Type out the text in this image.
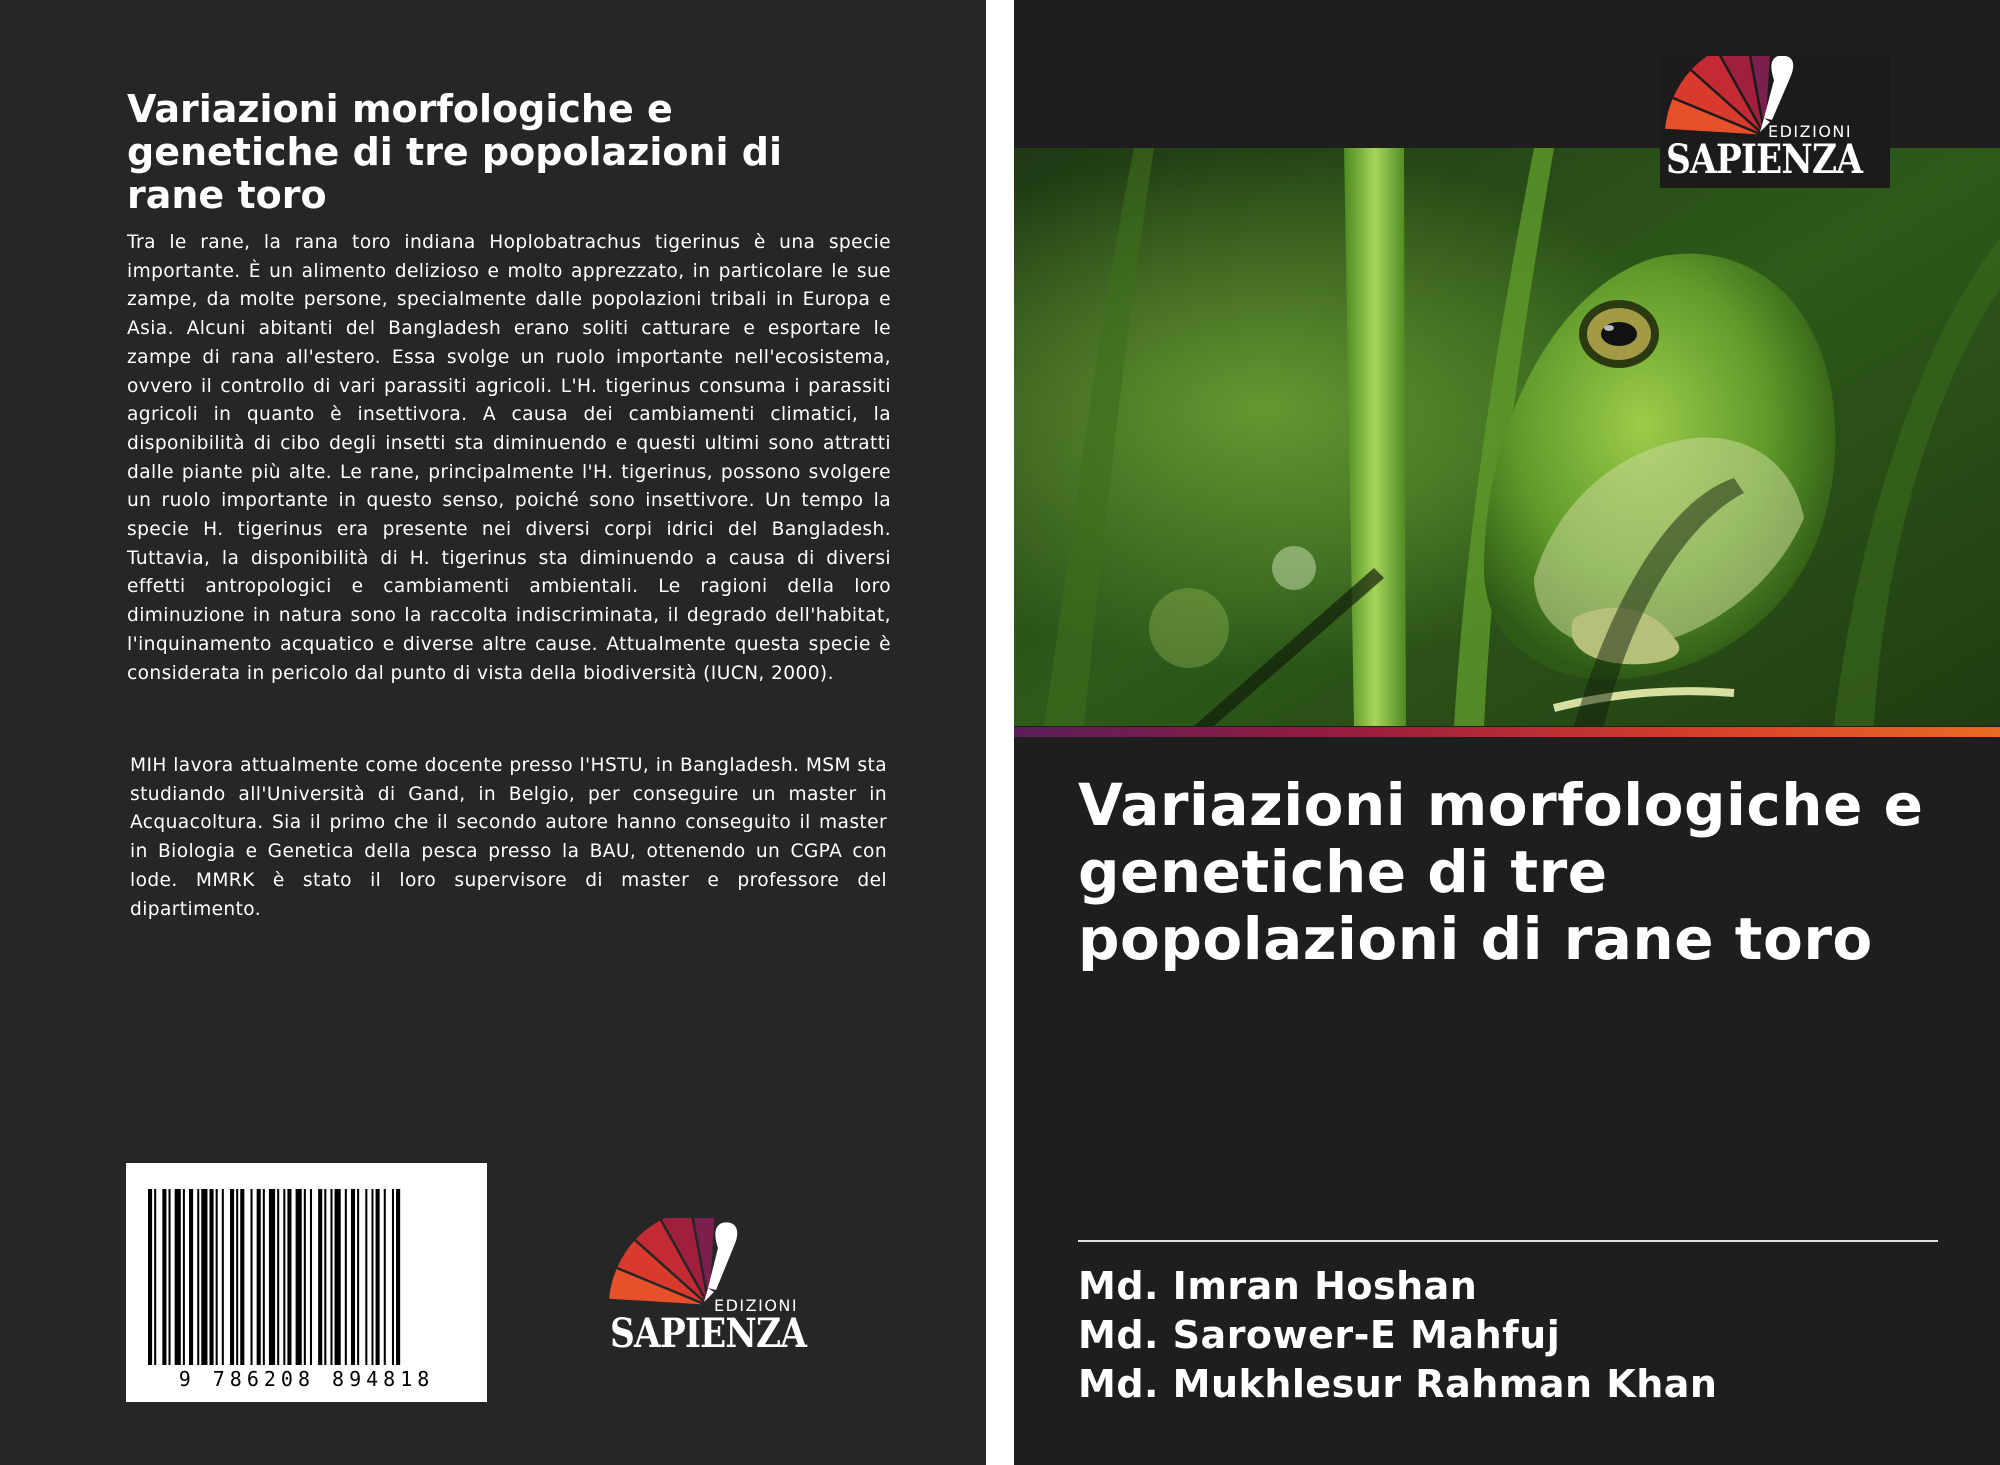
Variazioni morfologiche e genetiche di tre popolazioni di rane toro

Tra le rane, la rana toro indiana Hoplobatrachus tigerinus è una specie importante. È un alimento delizioso e molto apprezzato, in particolare le sue zampe, da molte persone, specialmente dalle popolazioni tribali in Europa e Asia. Alcuni abitanti del Bangladesh erano soliti catturare e esportare le zampe di rana all'estero. Essa svolge un ruolo importante nell'ecosistema, ovvero il controllo di vari parassiti agricoli. L'H. tigerinus consuma i parassiti agricoli in quanto è insettivora. A causa dei cambiamenti climatici, la disponibilità di cibo degli insetti sta diminuendo e questi ultimi sono attratti dalle piante più alte. Le rane, principalmente l'H. tigerinus, possono svolgere un ruolo importante in questo senso, poiché sono insettivore. Un tempo la specie H. tigerinus era presente nei diversi corpi idrici del Bangladesh. Tuttavia, la disponibilità di H. tigerinus sta diminuendo a causa di diversi effetti antropologici e cambiamenti ambientali. Le ragioni della loro diminuzione in natura sono la raccolta indiscriminata, il degrado dell'habitat, l'inquinamento acquatico e diverse altre cause. Attualmente questa specie è considerata in pericolo dal punto di vista della biodiversità (IUCN, 2000).

MIH lavora attualmente come docente presso l'HSTU, in Bangladesh. MSM sta studiando all'Università di Gand, in Belgio, per conseguire un master in Acquacoltura. Sia il primo che il secondo autore hanno conseguito il master in Biologia e Genetica della pesca presso la BAU, ottenendo un CGPA con lode. MMRK è stato il loro supervisore di master e professore del dipartimento.

9 786208 894818
EDIZIONI
SAPIENZA
EDIZIONI
SAPIENZA
Variazioni morfologiche e genetiche di tre popolazioni di rane toro
Md. Imran Hoshan
Md. Sarower-E Mahfuj
Md. Mukhlesur Rahman Khan
